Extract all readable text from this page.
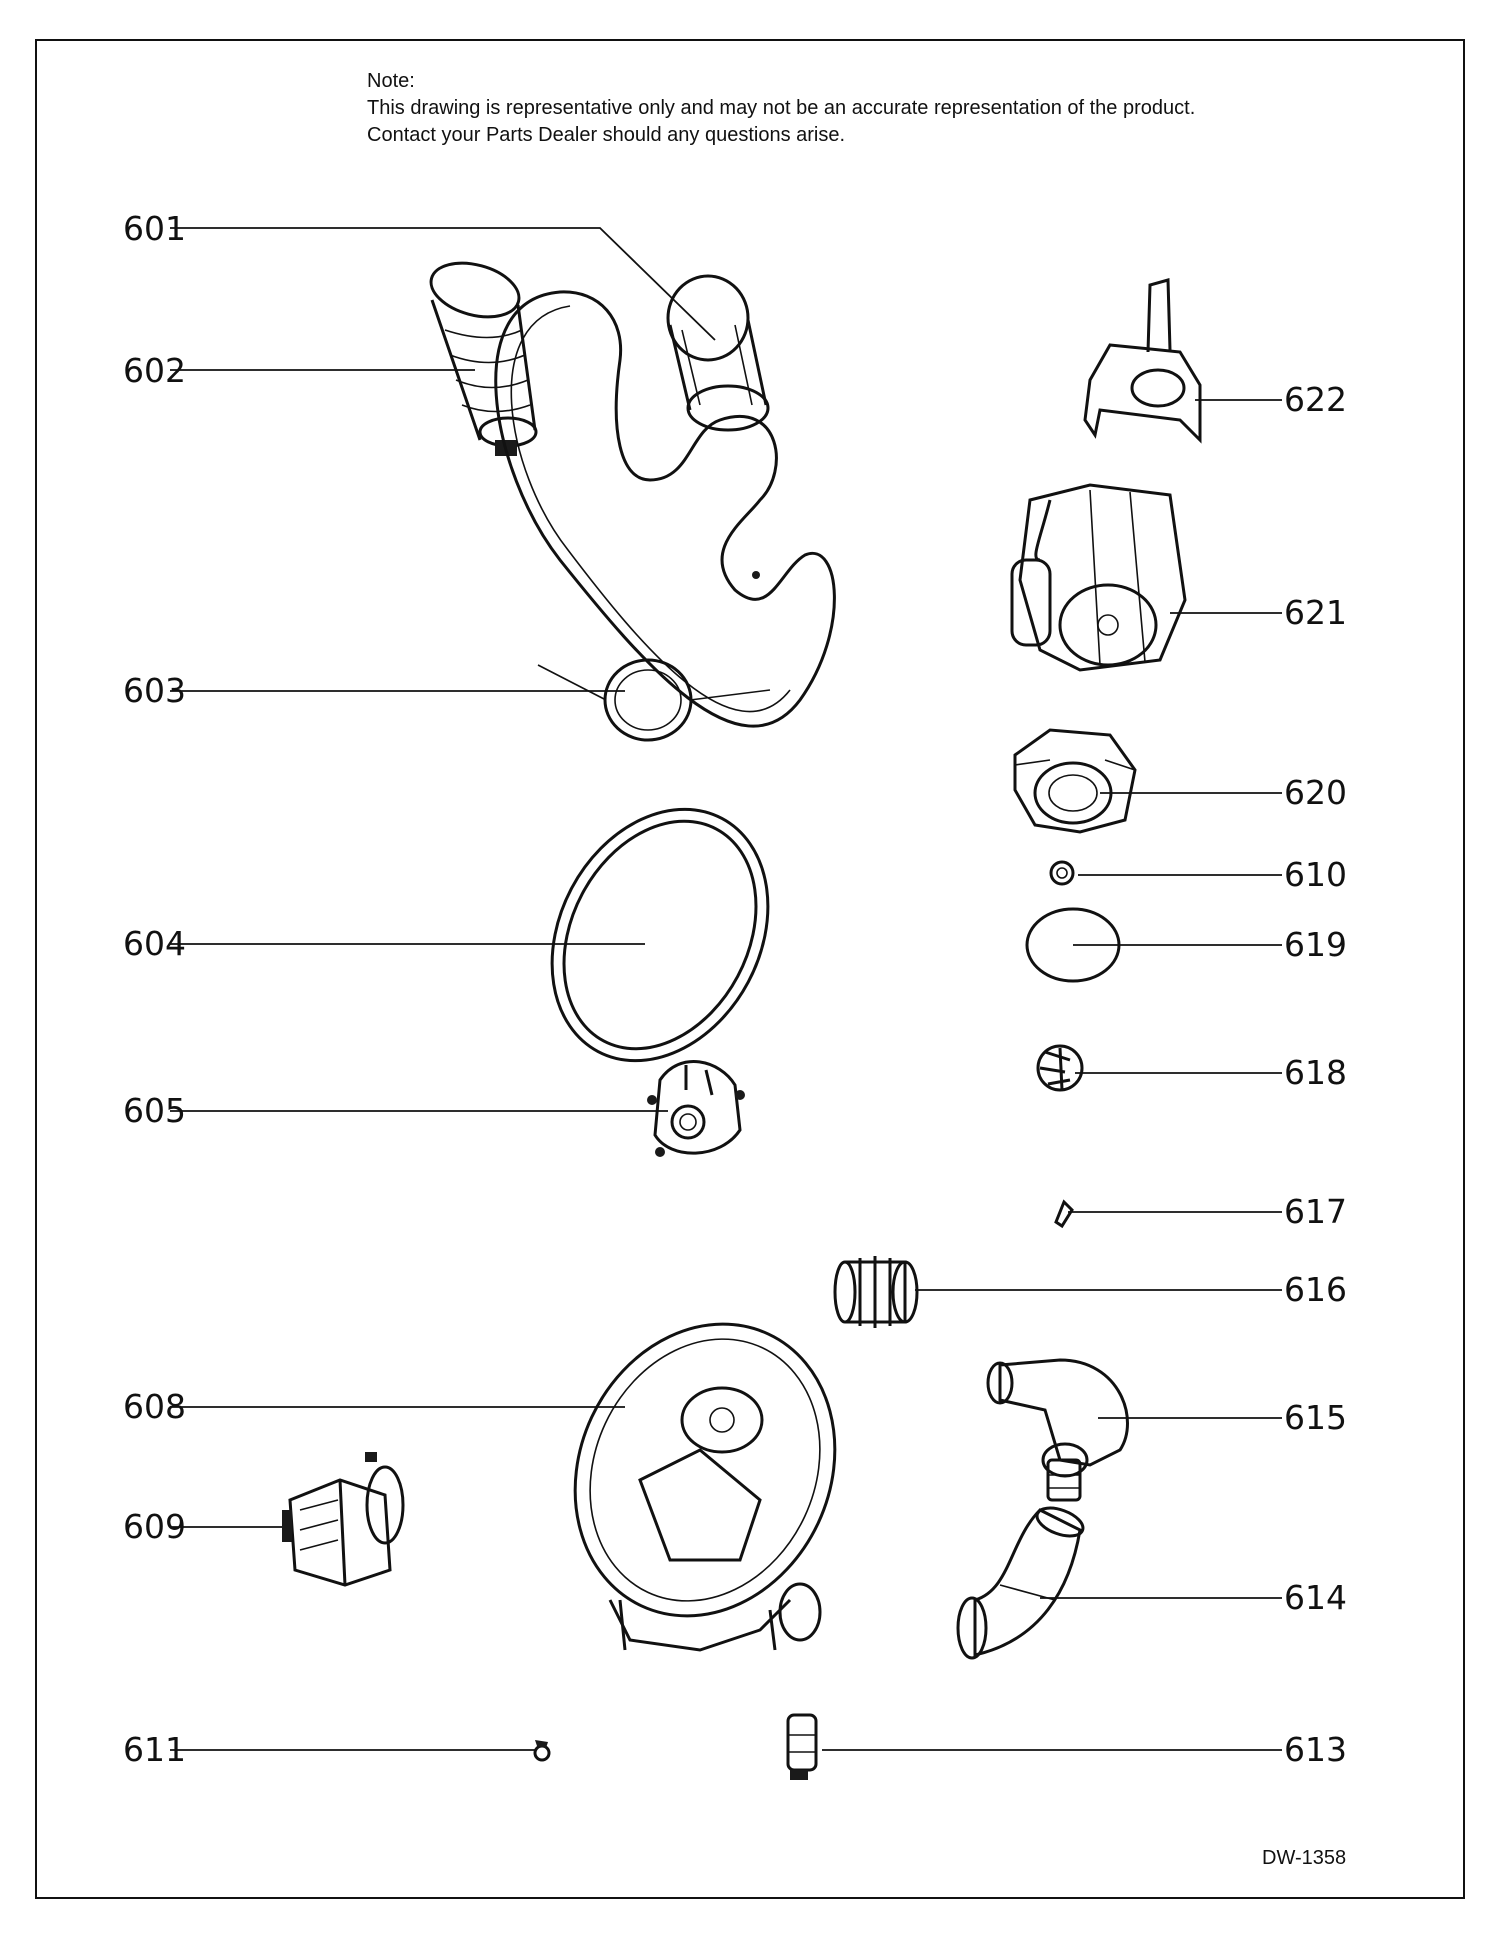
Note:
This drawing is representative only and may not be an accurate representation of the product.
Contact your Parts Dealer should any questions arise.
DW-1358
601
602
603
604
605
608
609
611
622
621
620
610
619
618
617
616
615
614
613
